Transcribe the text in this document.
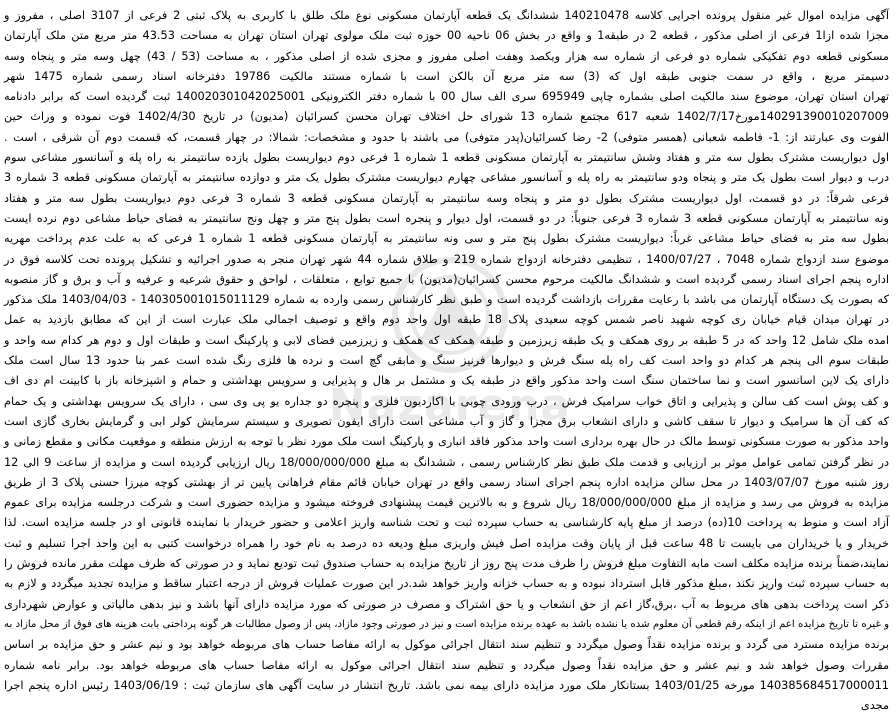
Nazarena
آگهی مزایده اموال غیر منقول پرونده اجرایی کلاسه 140210478 ششدانگ یک قطعه آپارتمان مسکونی نوع ملک طلق با کاربری به پلاک ثبتی 2 فرعی از 3107 اصلی ، مفروز و
مجزا شده ازا1 فرعی از اصلی مذکور ، قطعه 2 در طبقه1 و واقع در بخش 06 ناحیه 00 حوزه ثبت ملک مولوی تهران استان تهران به مساحت 43.53 متر مربع متن ملک آپارتمان
مسکونی قطعه دوم تفکیکی شماره دو فرعی از شماره سه هزار ویکصد وهفت اصلی مفروز و مجزی شده از اصلی مذکور ، به مساحت (53 / 43) چهل وسه متر و پنجاه وسه
دسیمتر مربع ، واقع در سمت جنوبی طبقه اول که (3) سه متر مربع آن بالکن است با شماره مستند مالکیت 19786 دفترخانه اسناد رسمی شماره 1475 شهر
تهران استان تهران، موضوع سند مالکیت اصلی بشماره چاپی 695949 سری الف سال 00 با شماره دفتر الکترونیکی 140020301042025001 ثبت گردیده است که برابر دادنامه
140291390010207009مورخ1402/7/17 شعبه 617 مجتمع شماره 13 شورای حل اختلاف تهران محسن کسرائیان (مدیون) در تاریخ 1402/4/30 فوت نموده و وراث حین
الفوت وی عبارتند از: 1- فاطمه شعبانی (همسر متوفی) 2- رضا کسرائیان(پدر متوفی) می باشند با حدود و مشخصات: شمالا: در چهار قسمت، که قسمت دوم آن شرقی ، است .
اول دیواریست مشترک بطول سه متر و هفتاد وشش سانتیمتر به آپارتمان مسکونی قطعه 1 شماره 1 فرعی دوم دیواریست بطول یازده سانتیمتر به راه پله و آسانسور مشاعی سوم
درب و دیوار است بطول یک متر و پنجاه ودو سانتیمتر به راه پله و آسانسور مشاعی چهارم دیواریست مشترک بطول یک متر و دوازده سانتیمتر به آپارتمان مسکونی قطعه 3 شماره 3
فرعی شرقاً: در دو قسمت، اول دیواریست مشترک بطول دو متر و پنجاه وسه سانتیمتر به آپارتمان مسکونی قطعه 3 شماره 3 فرعی دوم دیواریست بطول سه متر و هفتاد
ونه سانتیمتر به آپارتمان مسکونی قطعه 3 شماره 3 فرعی جنوباً: در دو قسمت، اول دیوار و پنجره است بطول پنج متر و چهل ونج سانتیمتر به فضای حیاط مشاعی دوم نرده ایست
بطول سه متر به فضای حیاط مشاعی غرباً: دیواریست مشترک بطول پنج متر و سی ونه سانتیمتر به آپارتمان مسکونی قطعه 1 شماره 1 فرعی که به علت عدم پرداخت مهریه
موضوع سند ازدواج شماره 7048 ، 1400/07/27 ، تنظیمی دفترخانه ازدواج شماره 219 و طلاق شماره 44 شهر تهران منجر به صدور اجرائیه و تشکیل پرونده تحت کلاسه فوق در
اداره پنجم اجرای اسناد رسمی گردیده است و ششدانگ مالکیت مرحوم محسن کسرائیان(مدیون) با جمیع توابع ، متعلقات ، لواحق و حقوق شرعیه و عرفیه و آب و برق و گاز منصوبه
که بصورت یک دستگاه آپارتمان می باشد با رعایت مقررات بازداشت گردیده است و طبق نظر کارشناس رسمی وارده به شماره 140305001015011129 - 1403/04/03 ملک مذکور
در تهران میدان قیام خیابان ری کوچه شهید ناصر شمس کوچه سعیدی پلاک 18 طبقه اول واحد دوم واقع و توصیف اجمالی ملک عبارت است از این که مطابق بازدید به عمل
امده ملک شامل 12 واحد که در 5 طبقه بر روی همکف و یک طبقه زیرزمین و طبقه همکف که همکف و زیرزمین فضای لابی و پارکینگ است و طبقات اول و دوم هر کدام سه واحد و
طبقات سوم الی پنجم هر کدام دو واحد است کف راه پله سنگ فرش و دیوارها فرنیز سنگ و مابقی گچ است و نرده ها فلزی رنگ شده است عمر بنا حدود 13 سال است ملک
دارای یک لاین اسانسور است و نما ساختمان سنگ است واحد مذکور واقع در طبقه یک و مشتمل بر هال و پذیرایی و سرویس بهداشتی و حمام و اشپزخانه باز با کابینت ام دی اف
و کف پوش است کف سالن و پذیرایی و اتاق خواب سرامیک فرش ، درب ورودی چوبی با اکاردیون فلزی و پنجره دو جداره یو پی وی سی ، دارای یک سرویس بهداشتی و یک حمام
که کف آن ها سرامیک و دیوار تا سقف کاشی و دارای انشعاب برق مجزا و گاز و آب مشاعی است دارای ایفون تصویری و سیستم سرمایش کولر ابی و گرمایش بخاری گازی است
واحد مذکور به صورت مسکونی توسط مالک در حال بهره برداری است واحد مذکور فاقد انباری و پارکینگ است ملک مورد نظر با توجه به ارزش منطقه و موقعیت مکانی و مقطع زمانی و
در نظر گرفتن تمامی عوامل موثر بر ارزیابی و قدمت ملک طبق نظر کارشناس رسمی ، ششدانگ به مبلغ 18/000/000/000 ریال ارزیابی گردیده است و مزایده از ساعت 9 الی 12
روز شنبه مورخ 1403/07/07 در محل سالن مزایده اداره پنجم اجرای اسناد رسمی واقع در تهران خیابان قائم مقام فراهانی پایین تر از بهشتی کوچه میرزا حسنی پلاک 3 از طریق
مزایده به فروش می رسد و مزایده از مبلغ 18/000/000/000 ریال شروع و به بالاترین قیمت پیشنهادی فروخته میشود و مزایده حضوری است و شرکت درجلسه مزایده برای عموم
آزاد است و منوط به پرداخت 10(ده) درصد از مبلغ پایه کارشناسی به حساب سپرده ثبت و تحت شناسه واریز اعلامی و حضور خریدار با نماینده قانونی او در جلسه مزایده است. لذا
خریدار و یا خریداران می بایست تا 48 ساعت قبل از پایان وقت مزایده اصل فیش واریزی مبلغ ودیعه ده درصد به نام خود را همراه درخواست کتبی به این واحد اجرا تسلیم و ثبت
نمایند،ضمناً برنده مزایده مکلف است مابه التفاوت مبلغ فروش را ظرف مدت پنج روز از تاریخ مزایده به حساب صندوق ثبت تودیع نماید و در صورتی که ظرف مهلت مقرر مانده فروش را
به حساب سپرده ثبت واریز نکند ،مبلغ مذکور قابل استرداد نبوده و به حساب خزانه واریز خواهد شد.در این صورت عملیات فروش از درجه اعتبار ساقط و مزایده تجدید میگردد و لازم به
ذکر است پرداخت بدهی های مربوط به آب ،برق،گاز اعم از حق انشعاب و یا حق اشتراک و مصرف در صورتی که مورد مزایده دارای آنها باشد و نیز بدهی مالیاتی و عوارض شهرداری
و غیره تا تاریخ مزایده اعم از اینکه رقم قطعی آن معلوم شده یا نشده باشد به عهده برنده مزایده است و نیز در صورتی وجود مازاد، پس از وصول مطالبات هر گونه پرداختی بابت هزینه های فوق از محل مازاد به
برنده مزایده مسترد می گردد و برنده مزایده نقداً وصول میگردد و تنظیم سند انتقال اجرائی موکول به ارائه مفاصا حساب های مربوطه خواهد بود و نیم عشر و حق مزایده بر اساس
مقررات وصول خواهد شد و نیم عشر و حق مزایده نقداً وصول میگردد و تنظیم سند انتقال اجرائی موکول به ارائه مفاصا حساب های مربوطه خواهد بود. برابر نامه شماره
140385684517000011 مورخه 1403/01/25 بستانکار ملک مورد مزایده دارای بیمه نمی باشد. تاریخ انتشار در سایت آگهی های سازمان ثبت : 1403/06/19 رئیس اداره پنجم اجرا
مجدی
